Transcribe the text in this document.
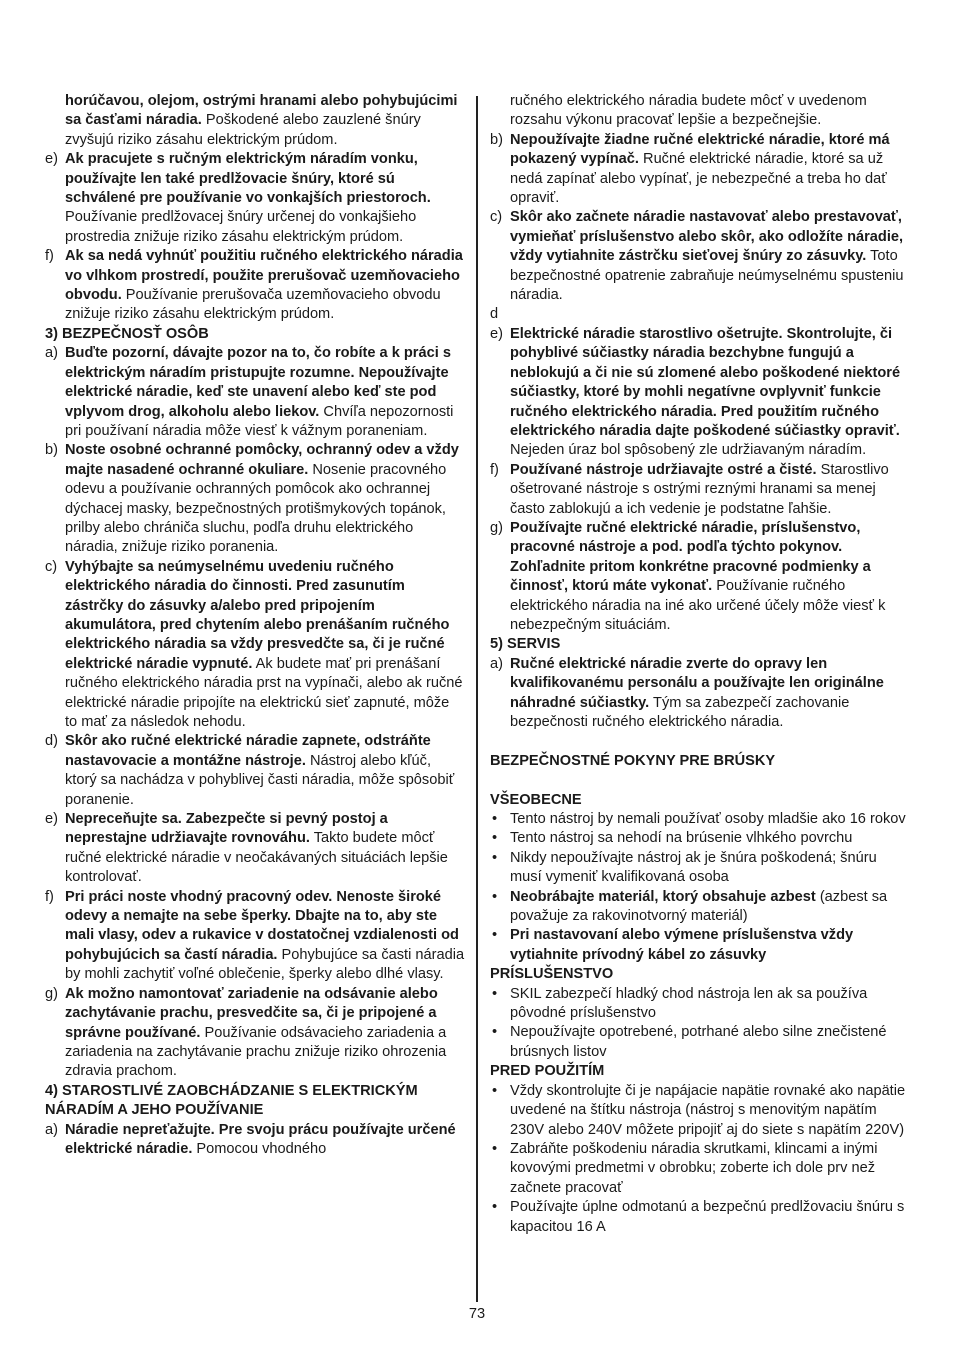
horúčavou, olejom, ostrými hranami alebo pohybujúcimi sa časťami náradia. Poškodené alebo zauzlené šnúry zvyšujú riziko zásahu elektrickým prúdom.
e) Ak pracujete s ručným elektrickým náradím vonku, používajte len také predlžovacie šnúry, ktoré sú schválené pre používanie vo vonkajších priestoroch. Používanie predlžovacej šnúry určenej do vonkajšieho prostredia znižuje riziko zásahu elektrickým prúdom.
f) Ak sa nedá vyhnúť použitiu ručného elektrického náradia vo vlhkom prostredí, použite prerušovač uzemňovacieho obvodu. Používanie prerušovača uzemňovacieho obvodu znižuje riziko zásahu elektrickým prúdom.
3) BEZPEČNOSŤ OSÔB
a) Buďte pozorní, dávajte pozor na to, čo robíte a k práci s elektrickým náradím pristupujte rozumne. Nepoužívajte elektrické náradie, keď ste unavení alebo keď ste pod vplyvom drog, alkoholu alebo liekov. Chvíľa nepozornosti pri používaní náradia môže viesť k vážnym poraneniam.
b) Noste osobné ochranné pomôcky, ochranný odev a vždy majte nasadené ochranné okuliare. Nosenie pracovného odevu a používanie ochranných pomôcok ako ochrannej dýchacej masky, bezpečnostných protišmykových topánok, prilby alebo chrániča sluchu, podľa druhu elektrického náradia, znižuje riziko poranenia.
c) Vyhýbajte sa neúmyselnému uvedeniu ručného elektrického náradia do činnosti. Pred zasunutím zástrčky do zásuvky a/alebo pred pripojením akumulátora, pred chytením alebo prenášaním ručného elektrického náradia sa vždy presvedčte sa, či je ručné elektrické náradie vypnuté. Ak budete mať pri prenášaní ručného elektrického náradia prst na vypínači, alebo ak ručné elektrické náradie pripojíte na elektrickú sieť zapnuté, môže to mať za následok nehodu.
d) Skôr ako ručné elektrické náradie zapnete, odstráňte nastavovacie a montážne nástroje. Nástroj alebo kľúč, ktorý sa nachádza v pohyblivej časti náradia, môže spôsobiť poranenie.
e) Nepreceňujte sa. Zabezpečte si pevný postoj a neprestajne udržiavajte rovnováhu. Takto budete môcť ručné elektrické náradie v neočakávaných situáciách lepšie kontrolovať.
f) Pri práci noste vhodný pracovný odev. Nenoste široké odevy a nemajte na sebe šperky. Dbajte na to, aby ste mali vlasy, odev a rukavice v dostatočnej vzdialenosti od pohybujúcich sa častí náradia. Pohybujúce sa časti náradia by mohli zachytiť voľné oblečenie, šperky alebo dlhé vlasy.
g) Ak možno namontovať zariadenie na odsávanie alebo zachytávanie prachu, presvedčite sa, či je pripojené a správne používané. Používanie odsávacieho zariadenia a zariadenia na zachytávanie prachu znižuje riziko ohrozenia zdravia prachom.
4) STAROSTLIVÉ ZAOBCHÁDZANIE S ELEKTRICKÝM NÁRADÍM A JEHO POUŽÍVANIE
a) Náradie nepreťažujte. Pre svoju prácu používajte určené elektrické náradie. Pomocou vhodného
ručného elektrického náradia budete môcť v uvedenom rozsahu výkonu pracovať lepšie a bezpečnejšie.
b) Nepoužívajte žiadne ručné elektrické náradie, ktoré má pokazený vypínač. Ručné elektrické náradie, ktoré sa už nedá zapínať alebo vypínať, je nebezpečné a treba ho dať opraviť.
c) Skôr ako začnete náradie nastavovať alebo prestavovať, vymieňať príslušenstvo alebo skôr, ako odložíte náradie, vždy vytiahnite zástrčku sieťovej šnúry zo zásuvky. Toto bezpečnostné opatrenie zabraňuje neúmyselnému spusteniu náradia.
d
e) Elektrické náradie starostlivo ošetrujte. Skontrolujte, či pohyblivé súčiastky náradia bezchybne fungujú a neblokujú a či nie sú zlomené alebo poškodené niektoré súčiastky, ktoré by mohli negatívne ovplyvniť funkcie ručného elektrického náradia. Pred použitím ručného elektrického náradia dajte poškodené súčiastky opraviť. Nejeden úraz bol spôsobený zle udržiavaným náradím.
f) Používané nástroje udržiavajte ostré a čisté. Starostlivo ošetrované nástroje s ostrými reznými hranami sa menej často zablokujú a ich vedenie je podstatne ľahšie.
g) Používajte ručné elektrické náradie, príslušenstvo, pracovné nástroje a pod. podľa týchto pokynov. Zohľadnite pritom konkrétne pracovné podmienky a činnosť, ktorú máte vykonať. Používanie ručného elektrického náradia na iné ako určené účely môže viesť k nebezpečným situáciám.
5) SERVIS
a) Ručné elektrické náradie zverte do opravy len kvalifikovanému personálu a používajte len originálne náhradné súčiastky. Tým sa zabezpečí zachovanie bezpečnosti ručného elektrického náradia.
BEZPEČNOSTNÉ POKYNY PRE BRÚSKY
VŠEOBECNE
• Tento nástroj by nemali používať osoby mladšie ako 16 rokov
• Tento nástroj sa nehodí na brúsenie vlhkého povrchu
• Nikdy nepoužívajte nástroj ak je šnúra poškodená; šnúru musí vymeniť kvalifikovaná osoba
• Neobrábajte materiál, ktorý obsahuje azbest (azbest sa považuje za rakovinotvorný materiál)
• Pri nastavovaní alebo výmene príslušenstva vždy vytiahnite prívodný kábel zo zásuvky
PRÍSLUŠENSTVO
• SKIL zabezpečí hladký chod nástroja len ak sa používa pôvodné príslušenstvo
• Nepoužívajte opotrebené, potrhané alebo silne znečistené brúsnych listov
PRED POUŽITÍM
• Vždy skontrolujte či je napájacie napätie rovnaké ako napätie uvedené na štítku nástroja (nástroj s menovitým napätím 230V alebo 240V môžete pripojiť aj do siete s napätím 220V)
• Zabráňte poškodeniu náradia skrutkami, klincami a inými kovovými predmetmi v obrobku; zoberte ich dole prv než začnete pracovať
• Používajte úplne odmotanú a bezpečnú predlžovaciu šnúru s kapacitou 16 A
73
